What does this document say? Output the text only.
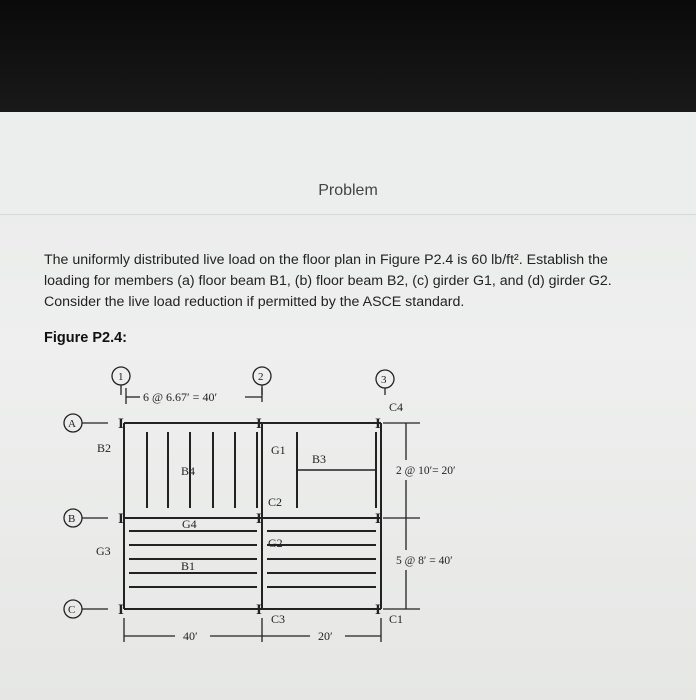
Problem
The uniformly distributed live load on the floor plan in Figure P2.4 is 60 lb/ft². Establish the
loading for members (a) floor beam B1, (b) floor beam B2, (c) girder G1, and (d) girder G2.
Consider the live load reduction if permitted by the ASCE standard.
Figure P2.4:
I	I	I
I	I	I
I	I	I
1	2	3
A
B
C
6 @ 6.67′ = 40′
2 @ 10′= 20′
5 @ 8′ = 40′
40′	20′
B2
B4
G1
B3
C4
C2
G4
G2
G3
B1
C3	C1
